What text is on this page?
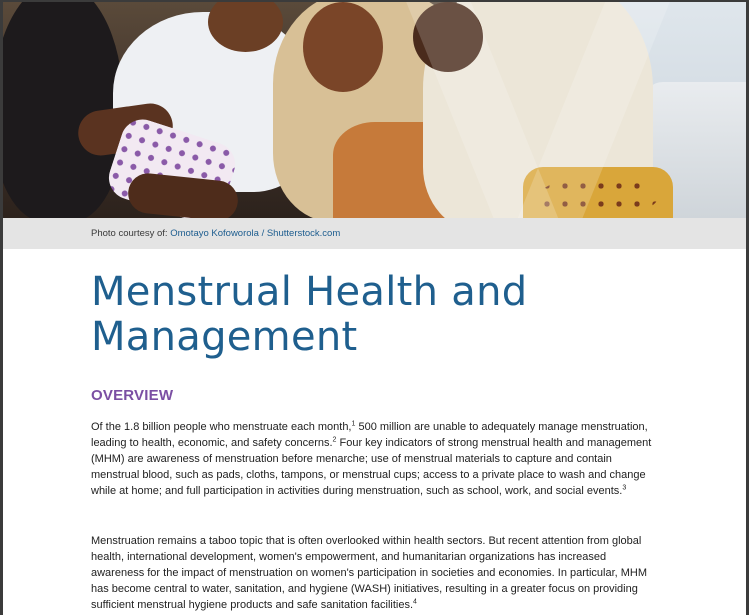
Photo courtesy of: Omotayo Kofoworola / Shutterstock.com
Menstrual Health and Management
OVERVIEW

Of the 1.8 billion people who menstruate each month,$^1$ 500 million are unable to adequately manage menstruation, leading to health, economic, and safety concerns.$^2$ Four key indicators of strong menstrual health and management (MHM) are awareness of menstruation before menarche; use of menstrual materials to capture and contain menstrual blood, such as pads, cloths, tampons, or menstrual cups; access to a private place to wash and change while at home; and full participation in activities during menstruation, such as school, work, and social events.$^3$

Menstruation remains a taboo topic that is often overlooked within health sectors. But recent attention from global health, international development, women's empowerment, and humanitarian organizations has increased awareness for the impact of menstruation on women's participation in societies and economies. In particular, MHM has become central to water, sanitation, and hygiene (WASH) initiatives, resulting in a greater focus on providing sufficient menstrual hygiene products and safe sanitation facilities.$^4$
